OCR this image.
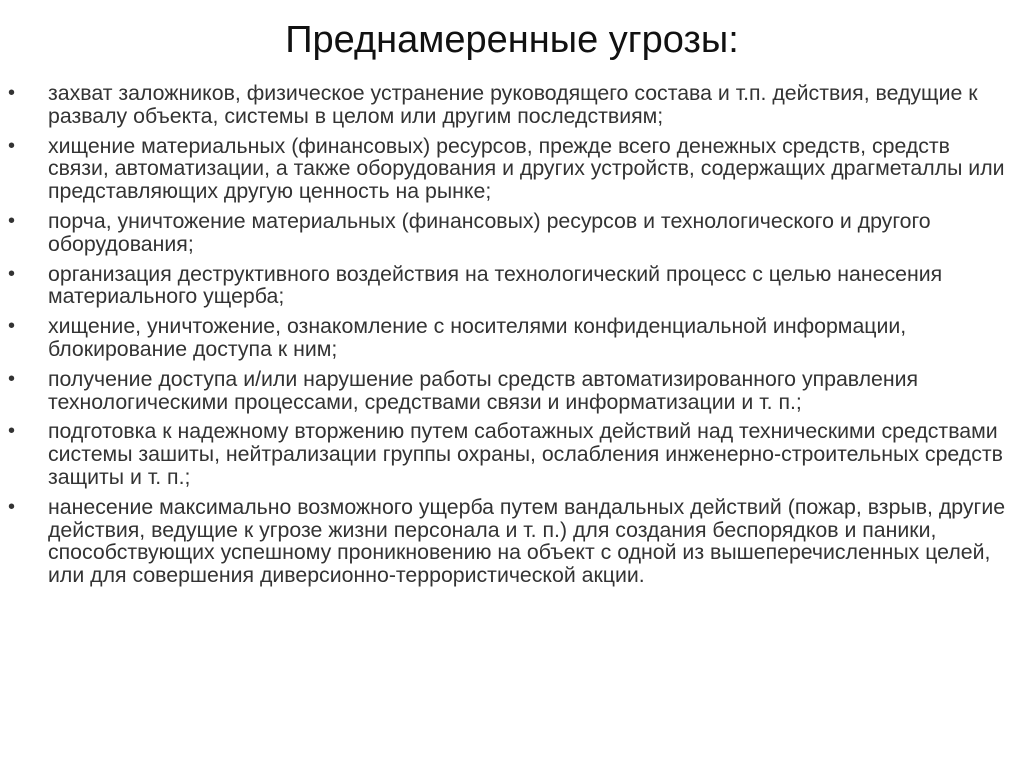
Преднамеренные угрозы:
•	захват заложников, физическое устранение руководящего состава и т.п. действия, ведущие к развалу объекта, системы в целом или другим последствиям;
•	хищение материальных (финансовых) ресурсов, прежде всего денежных средств, средств связи, автоматизации, а также оборудования и других устройств, содержащих драгметаллы или представляющих другую ценность на рынке;
•	порча, уничтожение материальных (финансовых) ресурсов и технологического и другого оборудования;
•	организация деструктивного воздействия на технологический процесс с целью нанесения материального ущерба;
•	хищение, уничтожение, ознакомление с носителями конфиденциальной информации, блокирование доступа к ним;
•	получение доступа и/или нарушение работы средств автоматизированного управления технологическими процессами, средствами связи и информатизации и т. п.;
•	подготовка к надежному вторжению путем саботажных действий над техническими средствами системы зашиты, нейтрализации группы охраны, ослабления инженерно-строительных средств защиты и т. п.;
•	нанесение максимально возможного ущерба путем вандальных действий (пожар, взрыв, другие действия, ведущие к угрозе жизни персонала и т. п.) для создания беспорядков и паники, способствующих успешному проникновению на объект с одной из вышеперечисленных целей, или для совершения диверсионно-террористической акции.
